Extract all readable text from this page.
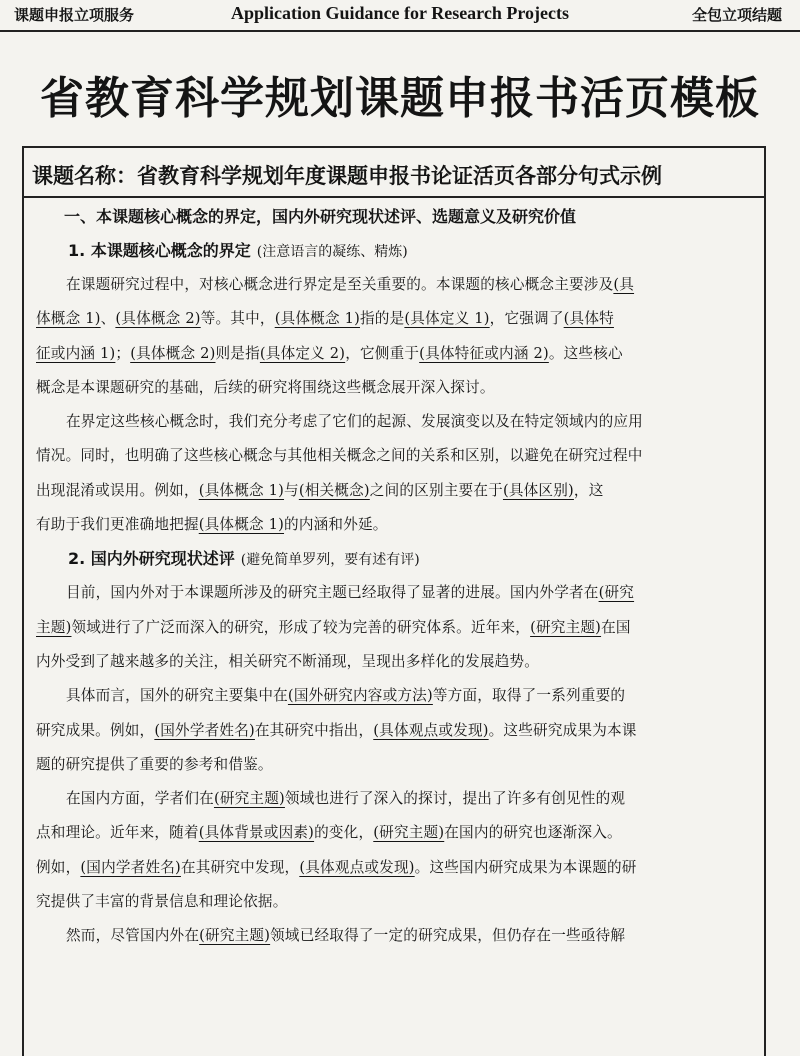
课题申报立项服务	Application Guidance for Research Projects	全包立项结题
省教育科学规划课题申报书活页模板
课题名称：省教育科学规划年度课题申报书论证活页各部分句式示例
一、本课题核心概念的界定，国内外研究现状述评、选题意义及研究价值
1. 本课题核心概念的界定 (注意语言的凝练、精炼)
在课题研究过程中，对核心概念进行界定是至关重要的。本课题的核心概念主要涉及(具
体概念 1)、(具体概念 2)等。其中，(具体概念 1)指的是(具体定义 1)，它强调了(具体特
征或内涵 1)；(具体概念 2)则是指(具体定义 2)，它侧重于(具体特征或内涵 2)。这些核心
概念是本课题研究的基础，后续的研究将围绕这些概念展开深入探讨。
在界定这些核心概念时，我们充分考虑了它们的起源、发展演变以及在特定领域内的应用
情况。同时，也明确了这些核心概念与其他相关概念之间的关系和区别，以避免在研究过程中
出现混淆或误用。例如，(具体概念 1)与(相关概念)之间的区别主要在于(具体区别)，这
有助于我们更准确地把握(具体概念 1)的内涵和外延。
2. 国内外研究现状述评 (避免简单罗列，要有述有评)
目前，国内外对于本课题所涉及的研究主题已经取得了显著的进展。国内外学者在(研究
主题)领域进行了广泛而深入的研究，形成了较为完善的研究体系。近年来，(研究主题)在国
内外受到了越来越多的关注，相关研究不断涌现，呈现出多样化的发展趋势。
具体而言，国外的研究主要集中在(国外研究内容或方法)等方面，取得了一系列重要的
研究成果。例如，(国外学者姓名)在其研究中指出，(具体观点或发现)。这些研究成果为本课
题的研究提供了重要的参考和借鉴。
在国内方面，学者们在(研究主题)领域也进行了深入的探讨，提出了许多有创见性的观
点和理论。近年来，随着(具体背景或因素)的变化，(研究主题)在国内的研究也逐渐深入。
例如，(国内学者姓名)在其研究中发现，(具体观点或发现)。这些国内研究成果为本课题的研
究提供了丰富的背景信息和理论依据。
然而，尽管国内外在(研究主题)领域已经取得了一定的研究成果，但仍存在一些亟待解
